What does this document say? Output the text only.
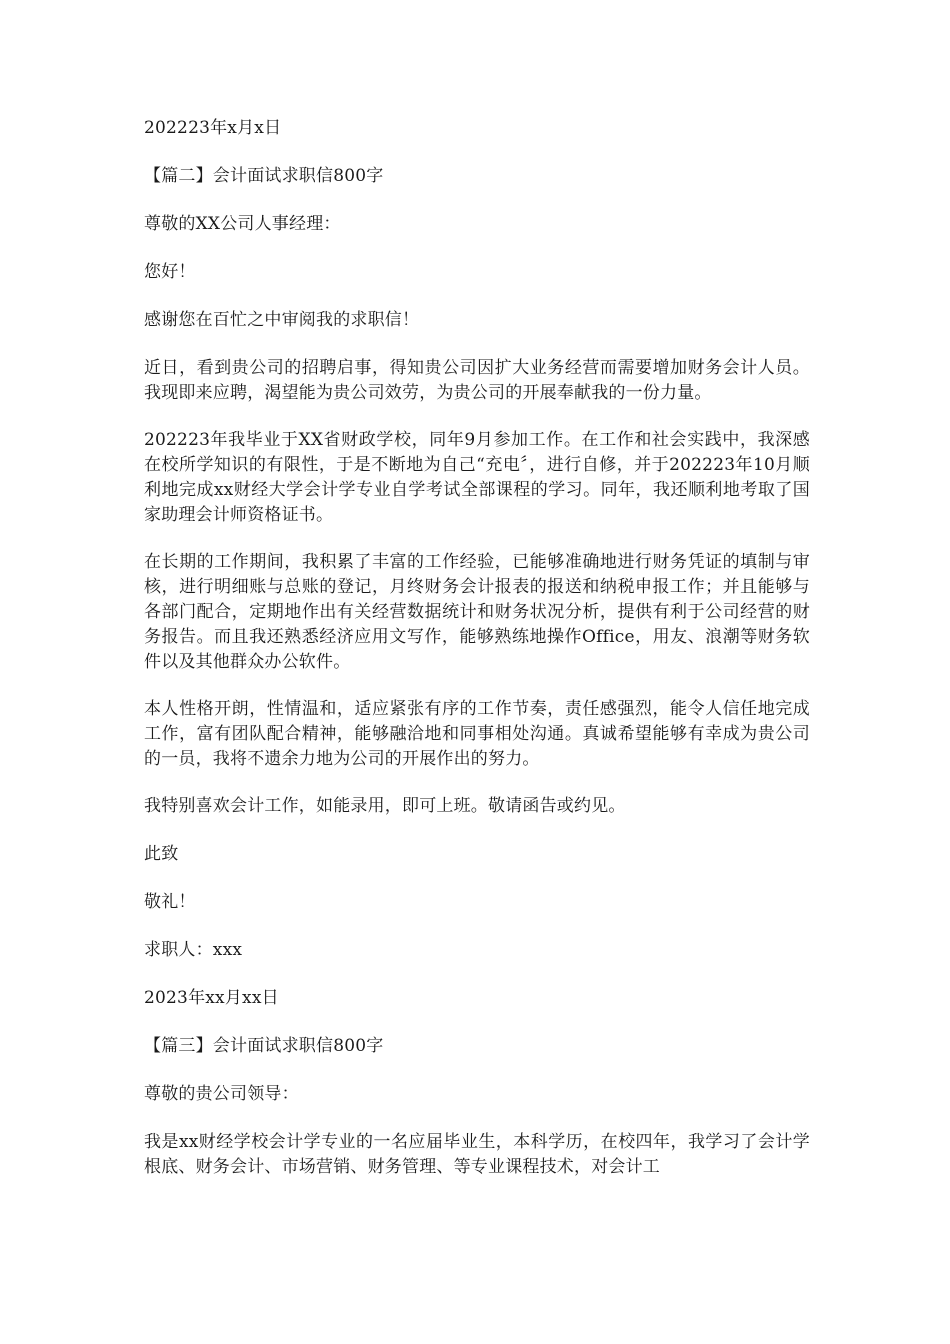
202223年x月x日

【篇二】会计面试求职信800字

尊敬的XX公司人事经理：

您好！

感谢您在百忙之中审阅我的求职信！

近日，看到贵公司的招聘启事，得知贵公司因扩大业务经营而需要增加财务会计人员。我现即来应聘，渴望能为贵公司效劳，为贵公司的开展奉献我的一份力量。

202223年我毕业于XX省财政学校，同年9月参加工作。在工作和社会实践中，我深感在校所学知识的有限性，于是不断地为自己“充电〞，进行自修，并于202223年10月顺利地完成xx财经大学会计学专业自学考试全部课程的学习。同年，我还顺利地考取了国家助理会计师资格证书。

在长期的工作期间，我积累了丰富的工作经验，已能够准确地进行财务凭证的填制与审核，进行明细账与总账的登记，月终财务会计报表的报送和纳税申报工作；并且能够与各部门配合，定期地作出有关经营数据统计和财务状况分析，提供有利于公司经营的财务报告。而且我还熟悉经济应用文写作，能够熟练地操作Office，用友、浪潮等财务软件以及其他群众办公软件。

本人性格开朗，性情温和，适应紧张有序的工作节奏，责任感强烈，能令人信任地完成工作，富有团队配合精神，能够融洽地和同事相处沟通。真诚希望能够有幸成为贵公司的一员，我将不遗余力地为公司的开展作出的努力。

我特别喜欢会计工作，如能录用，即可上班。敬请函告或约见。

此致

敬礼！

求职人：xxx

2023年xx月xx日

【篇三】会计面试求职信800字

尊敬的贵公司领导：

我是xx财经学校会计学专业的一名应届毕业生，本科学历，在校四年，我学习了会计学根底、财务会计、市场营销、财务管理、等专业课程技术，对会计工
